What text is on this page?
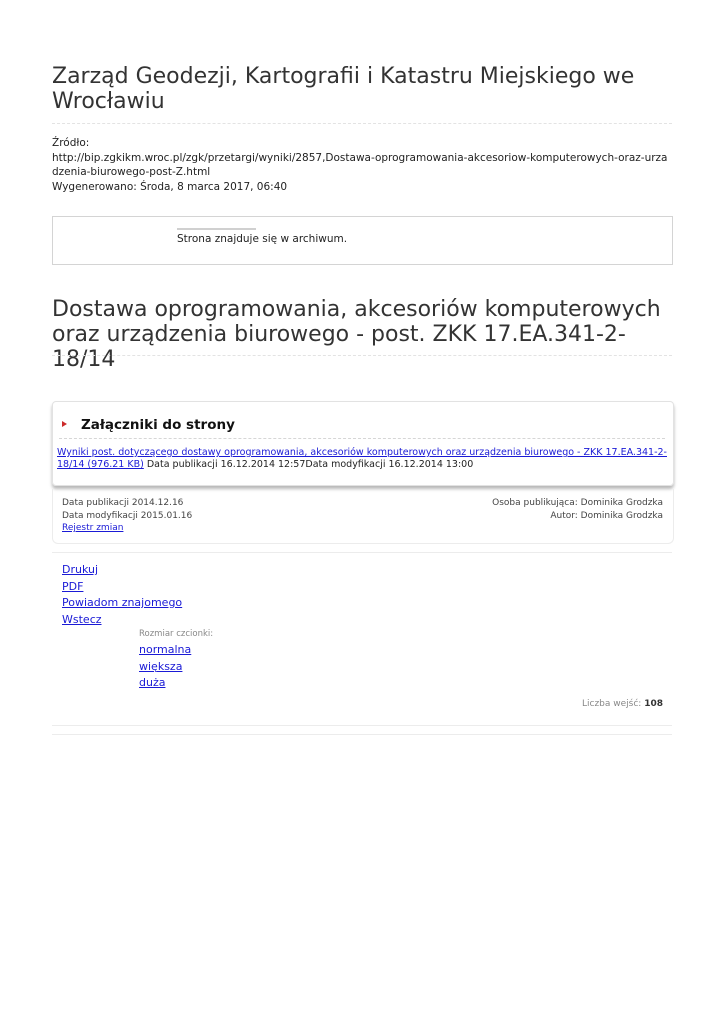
Zarząd Geodezji, Kartografii i Katastru Miejskiego we Wrocławiu
Źródło:
http://bip.zgkikm.wroc.pl/zgk/przetargi/wyniki/2857,Dostawa-oprogramowania-akcesoriow-komputerowych-oraz-urzadzenia-biurowego-post-Z.html
Wygenerowano: Środa, 8 marca 2017, 06:40
Strona znajduje się w archiwum.
Dostawa oprogramowania, akcesoriów komputerowych oraz urządzenia biurowego - post. ZKK 17.EA.341-2-18/14
Załączniki do strony
Wyniki post. dotyczącego dostawy oprogramowania, akcesoriów komputerowych oraz urządzenia biurowego - ZKK 17.EA.341-2-18/14 (976.21 KB) Data publikacji 16.12.2014 12:57Data modyfikacji 16.12.2014 13:00
Data publikacji 2014.12.16
Data modyfikacji 2015.01.16
Rejestr zmian
Osoba publikująca: Dominika Grodzka
Autor: Dominika Grodzka
Drukuj
PDF
Powiadom znajomego
Wstecz
Rozmiar czcionki:
normalna
większa
duża
Liczba wejść: 108
